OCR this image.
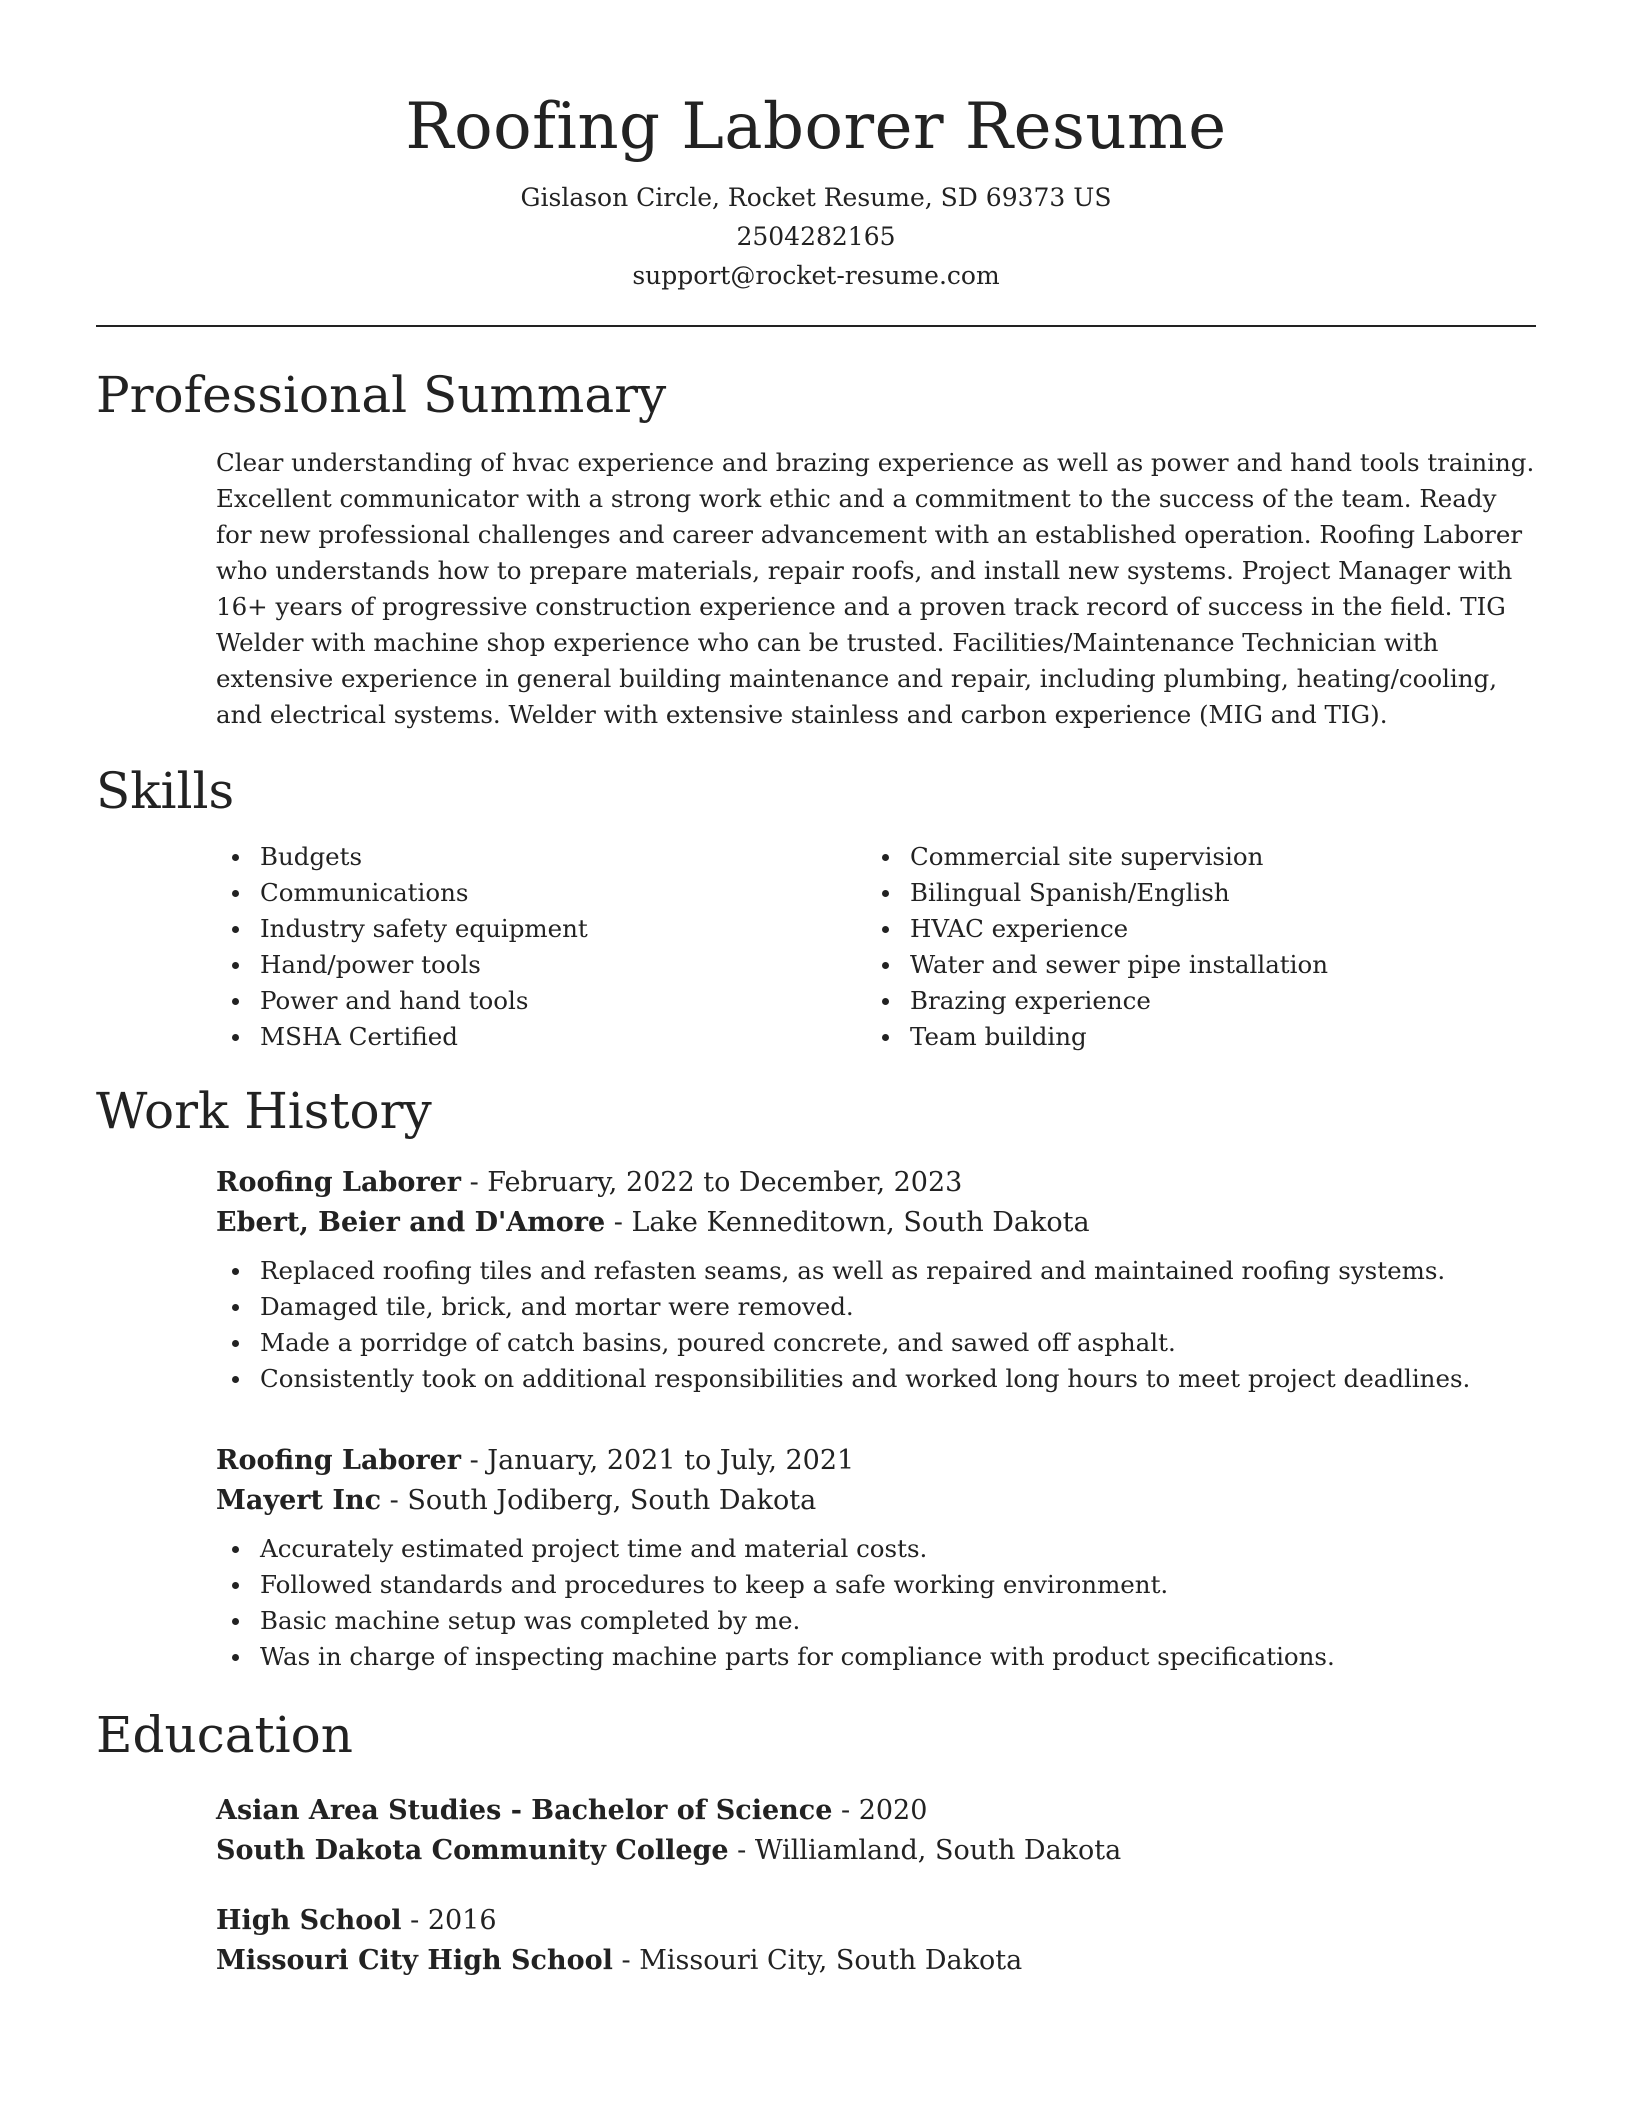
Roofing Laborer Resume
Gislason Circle, Rocket Resume, SD 69373 US
2504282165
support@rocket-resume.com
Professional Summary

Clear understanding of hvac experience and brazing experience as well as power and hand tools training. Excellent communicator with a strong work ethic and a commitment to the success of the team. Ready for new professional challenges and career advancement with an established operation. Roofing Laborer who understands how to prepare materials, repair roofs, and install new systems. Project Manager with 16+ years of progressive construction experience and a proven track record of success in the field. TIG Welder with machine shop experience who can be trusted. Facilities/Maintenance Technician with extensive experience in general building maintenance and repair, including plumbing, heating/cooling, and electrical systems. Welder with extensive stainless and carbon experience (MIG and TIG).

Skills
Budgets
Communications
Industry safety equipment
Hand/power tools
Power and hand tools
MSHA Certified
Commercial site supervision
Bilingual Spanish/English
HVAC experience
Water and sewer pipe installation
Brazing experience
Team building
Work History
Roofing Laborer - February, 2022 to December, 2023
Ebert, Beier and D'Amore - Lake Kenneditown, South Dakota
Replaced roofing tiles and refasten seams, as well as repaired and maintained roofing systems.
Damaged tile, brick, and mortar were removed.
Made a porridge of catch basins, poured concrete, and sawed off asphalt.
Consistently took on additional responsibilities and worked long hours to meet project deadlines.
Roofing Laborer - January, 2021 to July, 2021
Mayert Inc - South Jodiberg, South Dakota
Accurately estimated project time and material costs.
Followed standards and procedures to keep a safe working environment.
Basic machine setup was completed by me.
Was in charge of inspecting machine parts for compliance with product specifications.
Education
Asian Area Studies - Bachelor of Science - 2020
South Dakota Community College - Williamland, South Dakota
High School - 2016
Missouri City High School - Missouri City, South Dakota
